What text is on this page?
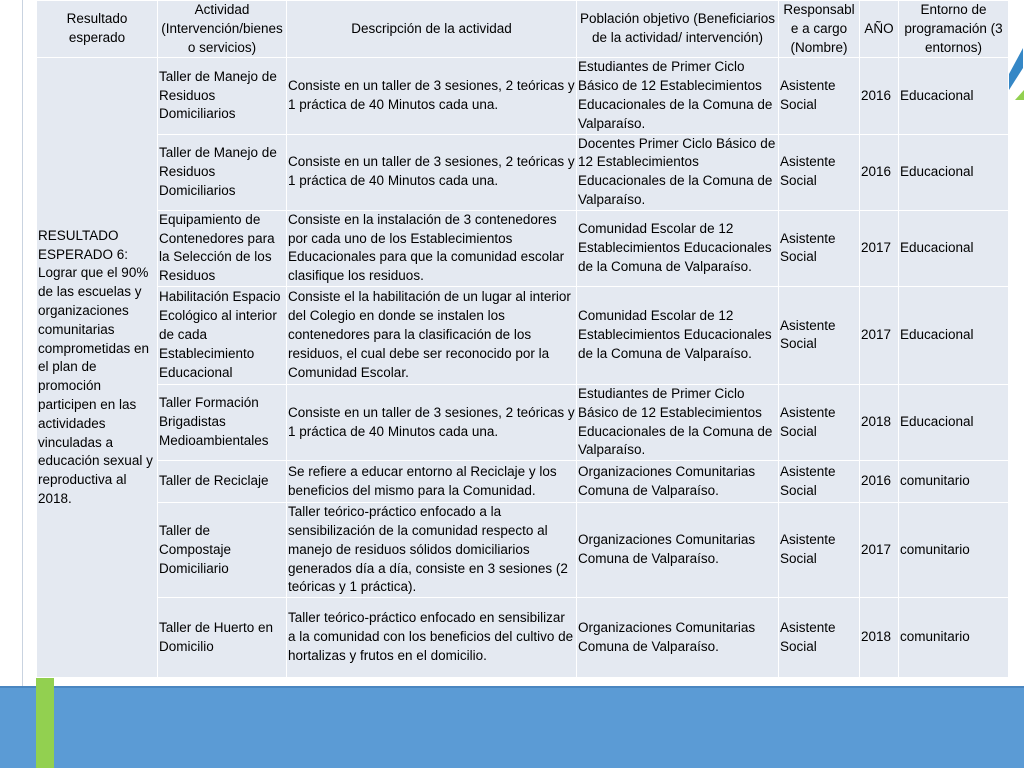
Resultado esperado	Actividad (Intervención/bienes o servicios)	Descripción de la actividad	Población objetivo (Beneficiarios de la actividad/ intervención)	Responsable a cargo (Nombre)	AÑO	Entorno de programación (3 entornos)
RESULTADO ESPERADO 6: Lograr que el 90% de las escuelas y organizaciones comunitarias comprometidas en el plan de promoción participen en las actividades vinculadas a educación sexual y reproductiva al 2018.	Taller de Manejo de Residuos Domiciliarios	Consiste en un taller de 3 sesiones, 2 teóricas y 1 práctica de 40 Minutos cada una.	Estudiantes de Primer Ciclo Básico de 12 Establecimientos Educacionales de la Comuna de Valparaíso.	Asistente Social	2016	Educacional
	Taller de Manejo de Residuos Domiciliarios	Consiste en un taller de 3 sesiones, 2 teóricas y 1 práctica de 40 Minutos cada una.	Docentes Primer Ciclo Básico de 12 Establecimientos Educacionales de la Comuna de Valparaíso.	Asistente Social	2016	Educacional
	Equipamiento de Contenedores para la Selección de los Residuos	Consiste en la instalación de 3 contenedores por cada uno de los Establecimientos Educacionales para que la comunidad escolar clasifique los residuos.	Comunidad Escolar de 12 Establecimientos Educacionales de la Comuna de Valparaíso.	Asistente Social	2017	Educacional
	Habilitación Espacio Ecológico al interior de cada Establecimiento Educacional	Consiste el la habilitación de un lugar al interior del Colegio en donde se instalen los contenedores para la clasificación de los residuos, el cual debe ser reconocido por la Comunidad Escolar.	Comunidad Escolar de 12 Establecimientos Educacionales de la Comuna de Valparaíso.	Asistente Social	2017	Educacional
	Taller Formación Brigadistas Medioambientales	Consiste en un taller de 3 sesiones, 2 teóricas y 1 práctica de 40 Minutos cada una.	Estudiantes de Primer Ciclo Básico de 12 Establecimientos Educacionales de la Comuna de Valparaíso.	Asistente Social	2018	Educacional
	Taller de Reciclaje	Se refiere a educar entorno al Reciclaje y los beneficios del mismo para la Comunidad.	Organizaciones Comunitarias Comuna de Valparaíso.	Asistente Social	2016	comunitario
	Taller de Compostaje Domiciliario	Taller teórico-práctico enfocado a la sensibilización de la comunidad respecto al manejo de residuos sólidos domiciliarios generados día a día, consiste en 3 sesiones (2 teóricas y 1 práctica).	Organizaciones Comunitarias Comuna de Valparaíso.	Asistente Social	2017	comunitario
	Taller de Huerto en Domicilio	Taller teórico-práctico enfocado en sensibilizar a la comunidad con los beneficios del cultivo de hortalizas y frutos en el domicilio.	Organizaciones Comunitarias Comuna de Valparaíso.	Asistente Social	2018	comunitario
